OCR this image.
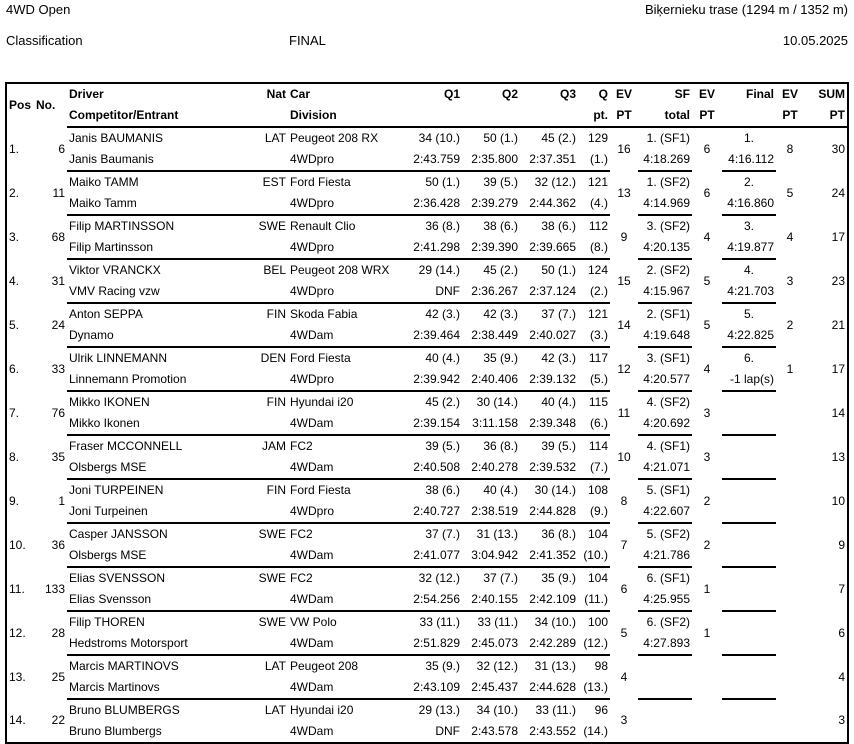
4WD Open	Biķernieku trase (1294 m / 1352 m)
Classification	FINAL	10.05.2025
Pos	No.	Driver	Nat	Car	Q1	Q2	Q3	Q	EV	SF	EV	Final	EV	SUM
		Competitor/Entrant		Division				pt.	PT	total	PT		PT	PT
1.	6	Janis BAUMANIS	LAT	Peugeot 208 RX	34 (10.)	50 (1.)	45 (2.)	129	16	1. (SF1)	6	1.	8	30
		Janis Baumanis		4WDpro	2:43.759	2:35.800	2:37.351	(1.)		4:18.269		4:16.112		
2.	11	Maiko TAMM	EST	Ford Fiesta	50 (1.)	39 (5.)	32 (12.)	121	13	1. (SF2)	6	2.	5	24
		Maiko Tamm		4WDpro	2:36.428	2:39.279	2:44.362	(4.)		4:14.969		4:16.860		
3.	68	Filip MARTINSSON	SWE	Renault Clio	36 (8.)	38 (6.)	38 (6.)	112	9	3. (SF2)	4	3.	4	17
		Filip Martinsson		4WDpro	2:41.298	2:39.390	2:39.665	(8.)		4:20.135		4:19.877		
4.	31	Viktor VRANCKX	BEL	Peugeot 208 WRX	29 (14.)	45 (2.)	50 (1.)	124	15	2. (SF2)	5	4.	3	23
		VMV Racing vzw		4WDpro	DNF	2:36.267	2:37.124	(2.)		4:15.967		4:21.703		
5.	24	Anton SEPPA	FIN	Skoda Fabia	42 (3.)	42 (3.)	37 (7.)	121	14	2. (SF1)	5	5.	2	21
		Dynamo		4WDam	2:39.464	2:38.449	2:40.027	(3.)		4:19.648		4:22.825		
6.	33	Ulrik LINNEMANN	DEN	Ford Fiesta	40 (4.)	35 (9.)	42 (3.)	117	12	3. (SF1)	4	6.	1	17
		Linnemann Promotion		4WDpro	2:39.942	2:40.406	2:39.132	(5.)		4:20.577		-1 lap(s)		
7.	76	Mikko IKONEN	FIN	Hyundai i20	45 (2.)	30 (14.)	40 (4.)	115	11	4. (SF2)	3			14
		Mikko Ikonen		4WDam	2:39.154	3:11.158	2:39.348	(6.)		4:20.692				
8.	35	Fraser MCCONNELL	JAM	FC2	39 (5.)	36 (8.)	39 (5.)	114	10	4. (SF1)	3			13
		Olsbergs MSE		4WDam	2:40.508	2:40.278	2:39.532	(7.)		4:21.071				
9.	1	Joni TURPEINEN	FIN	Ford Fiesta	38 (6.)	40 (4.)	30 (14.)	108	8	5. (SF1)	2			10
		Joni Turpeinen		4WDpro	2:40.727	2:38.519	2:44.828	(9.)		4:22.607				
10.	36	Casper JANSSON	SWE	FC2	37 (7.)	31 (13.)	36 (8.)	104	7	5. (SF2)	2			9
		Olsbergs MSE		4WDam	2:41.077	3:04.942	2:41.352	(10.)		4:21.786				
11.	133	Elias SVENSSON	SWE	FC2	32 (12.)	37 (7.)	35 (9.)	104	6	6. (SF1)	1			7
		Elias Svensson		4WDam	2:54.256	2:40.155	2:42.109	(11.)		4:25.955				
12.	28	Filip THOREN	SWE	VW Polo	33 (11.)	33 (11.)	34 (10.)	100	5	6. (SF2)	1			6
		Hedstroms Motorsport		4WDam	2:51.829	2:45.073	2:42.289	(12.)		4:27.893				
13.	25	Marcis MARTINOVS	LAT	Peugeot 208	35 (9.)	32 (12.)	31 (13.)	98	4					4
		Marcis Martinovs		4WDam	2:43.109	2:45.437	2:44.628	(13.)						
14.	22	Bruno BLUMBERGS	LAT	Hyundai i20	29 (13.)	34 (10.)	33 (11.)	96	3					3
		Bruno Blumbergs		4WDam	DNF	2:43.578	2:43.552	(14.)						
